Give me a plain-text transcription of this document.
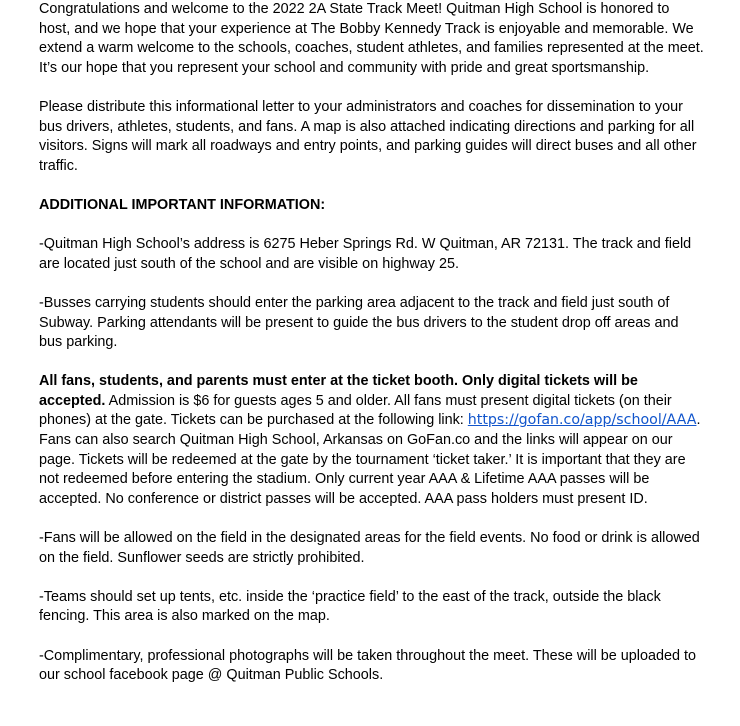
Congratulations and welcome to the 2022 2A State Track Meet! Quitman High School is honored to host, and we hope that your experience at The Bobby Kennedy Track is enjoyable and memorable. We extend a warm welcome to the schools, coaches, student athletes, and families represented at the meet. It’s our hope that you represent your school and community with pride and great sportsmanship.

Please distribute this informational letter to your administrators and coaches for dissemination to your bus drivers, athletes, students, and fans. A map is also attached indicating directions and parking for all visitors. Signs will mark all roadways and entry points, and parking guides will direct buses and all other traffic.

ADDITIONAL IMPORTANT INFORMATION:

-Quitman High School’s address is 6275 Heber Springs Rd. W Quitman, AR 72131. The track and field are located just south of the school and are visible on highway 25.

-Busses carrying students should enter the parking area adjacent to the track and field just south of Subway. Parking attendants will be present to guide the bus drivers to the student drop off areas and bus parking.

All fans, students, and parents must enter at the ticket booth. Only digital tickets will be accepted. Admission is $6 for guests ages 5 and older. All fans must present digital tickets (on their phones) at the gate. Tickets can be purchased at the following link: https://gofan.co/app/school/AAA. Fans can also search Quitman High School, Arkansas on GoFan.co and the links will appear on our page. Tickets will be redeemed at the gate by the tournament ‘ticket taker.’ It is important that they are not redeemed before entering the stadium. Only current year AAA & Lifetime AAA passes will be accepted. No conference or district passes will be accepted. AAA pass holders must present ID.

-Fans will be allowed on the field in the designated areas for the field events. No food or drink is allowed on the field. Sunflower seeds are strictly prohibited.

-Teams should set up tents, etc. inside the ‘practice field’ to the east of the track, outside the black fencing. This area is also marked on the map.

-Complimentary, professional photographs will be taken throughout the meet. These will be uploaded to our school facebook page @ Quitman Public Schools.
